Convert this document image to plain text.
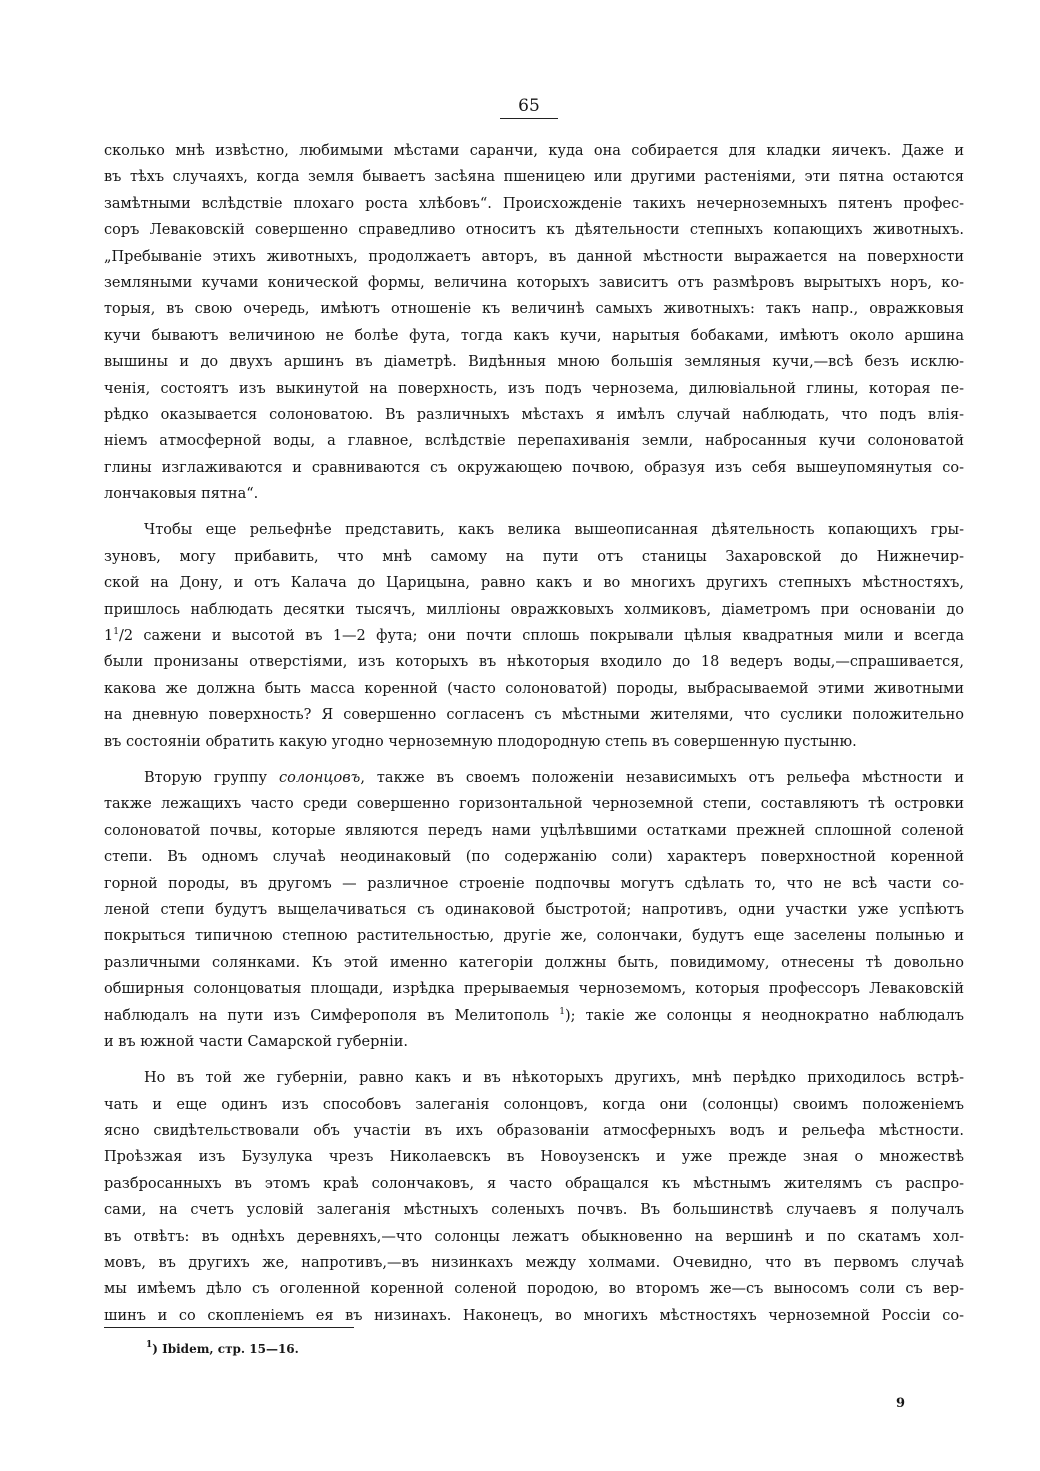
65
сколько мнѣ извѣстно, любимыми мѣстами саранчи, куда она собирается для кладки яичекъ. Даже и
въ тѣхъ случаяхъ, когда земля бываетъ засѣяна пшеницею или другими растеніями, эти пятна остаются
замѣтными вслѣдствіе плохаго роста хлѣбовъ“. Происхожденіе такихъ нечерноземныхъ пятенъ профес-
соръ Леваковскій совершенно справедливо относитъ къ дѣятельности степныхъ копающихъ животныхъ.
„Пребываніе этихъ животныхъ, продолжаетъ авторъ, въ данной мѣстности выражается на поверхности
земляными кучами конической формы, величина которыхъ зависитъ отъ размѣровъ вырытыхъ норъ, ко-
торыя, въ свою очередь, имѣютъ отношеніе къ величинѣ самыхъ животныхъ: такъ напр., овражковыя
кучи бываютъ величиною не болѣе фута, тогда какъ кучи, нарытыя бобаками, имѣютъ около аршина
вышины и до двухъ аршинъ въ діаметрѣ. Видѣнныя мною большія земляныя кучи,—всѣ безъ исклю-
ченія, состоятъ изъ выкинутой на поверхность, изъ подъ чернозема, дилювіальной глины, которая пе-
рѣдко оказывается солоноватою. Въ различныхъ мѣстахъ я имѣлъ случай наблюдать, что подъ влія-
ніемъ атмосферной воды, а главное, вслѣдствіе перепахиванія земли, набросанныя кучи солоноватой
глины изглаживаются и сравниваются съ окружающею почвою, образуя изъ себя вышеупомянутыя со-
лончаковыя пятна“.
Чтобы еще рельефнѣе представить, какъ велика вышеописанная дѣятельность копающихъ гры-
зуновъ, могу прибавить, что мнѣ самому на пути отъ станицы Захаровской до Нижнечир-
ской на Дону, и отъ Калача до Царицына, равно какъ и во многихъ другихъ степныхъ мѣстностяхъ,
пришлось наблюдать десятки тысячъ, милліоны овражковыхъ холмиковъ, діаметромъ при основаніи до
$1^1/2$ сажени и высотой въ 1—2 фута; они почти сплошь покрывали цѣлыя квадратныя мили и всегда
были пронизаны отверстіями, изъ которыхъ въ нѣкоторыя входило до 18 ведеръ воды,—спрашивается,
какова же должна быть масса коренной (часто солоноватой) породы, выбрасываемой этими животными
на дневную поверхность? Я совершенно согласенъ съ мѣстными жителями, что суслики положительно
въ состояніи обратить какую угодно черноземную плодородную степь въ совершенную пустыню.
Вторую группу солонцовъ, также въ своемъ положеніи независимыхъ отъ рельефа мѣстности и
также лежащихъ часто среди совершенно горизонтальной черноземной степи, составляютъ тѣ островки
солоноватой почвы, которые являются передъ нами уцѣлѣвшими остатками прежней сплошной соленой
степи. Въ одномъ случаѣ неодинаковый (по содержанію соли) характеръ поверхностной коренной
горной породы, въ другомъ — различное строеніе подпочвы могутъ сдѣлать то, что не всѣ части со-
леной степи будутъ выщелачиваться съ одинаковой быстротой; напротивъ, одни участки уже успѣютъ
покрыться типичною степною растительностью, другіе же, солончаки, будутъ еще заселены полынью и
различными солянками. Къ этой именно категоріи должны быть, повидимому, отнесены тѣ довольно
обширныя солонцоватыя площади, изрѣдка прерываемыя черноземомъ, которыя профессоръ Леваковскій
наблюдалъ на пути изъ Симферополя въ Мелитополь $^1$); такіе же солонцы я неоднократно наблюдалъ
и въ южной части Самарской губерніи.
Но въ той же губерніи, равно какъ и въ нѣкоторыхъ другихъ, мнѣ перѣдко приходилось встрѣ-
чать и еще одинъ изъ способовъ залеганія солонцовъ, когда они (солонцы) своимъ положеніемъ
ясно свидѣтельствовали объ участіи въ ихъ образованіи атмосферныхъ водъ и рельефа мѣстности.
Проѣзжая изъ Бузулука чрезъ Николаевскъ въ Новоузенскъ и уже прежде зная о множествѣ
разбросанныхъ въ этомъ краѣ солончаковъ, я часто обращался къ мѣстнымъ жителямъ съ распро-
сами, на счетъ условій залеганія мѣстныхъ соленыхъ почвъ. Въ большинствѣ случаевъ я получалъ
въ отвѣтъ: въ однѣхъ деревняхъ,—что солонцы лежатъ обыкновенно на вершинѣ и по скатамъ хол-
мовъ, въ другихъ же, напротивъ,—въ низинкахъ между холмами. Очевидно, что въ первомъ случаѣ
мы имѣемъ дѣло съ оголенной коренной соленой породою, во второмъ же—съ выносомъ соли съ вер-
шинъ и со скопленіемъ ея въ низинахъ. Наконецъ, во многихъ мѣстностяхъ черноземной Россіи со-
$^1$) Ibidem, стр. 15—16.
9
